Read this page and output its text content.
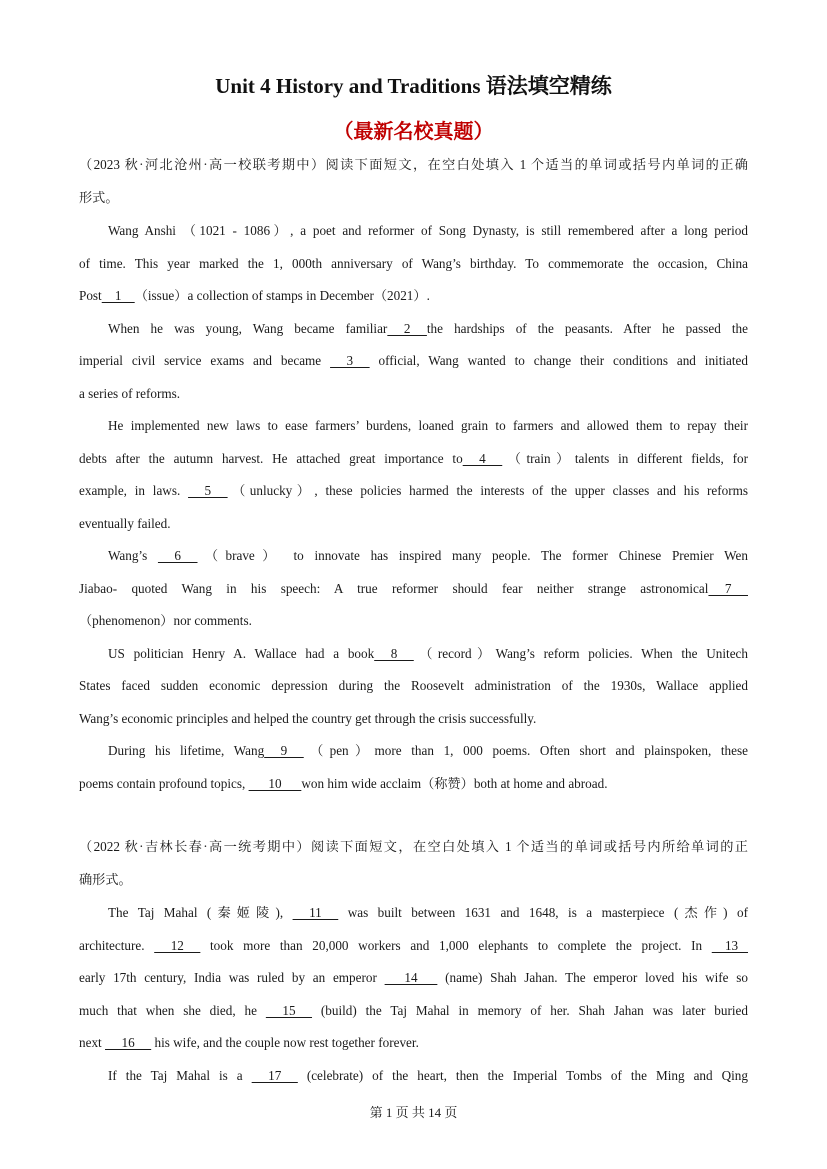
Unit 4 History and Traditions 语法填空精练
（最新名校真题）
（2023 秋·河北沧州·高一校联考期中）阅读下面短文，在空白处填入 1 个适当的单词或括号内单词的正确
形式。
Wang Anshi （1021 - 1086）, a poet and reformer of Song Dynasty, is still remembered after a long period
of time. This year marked the 1, 000th anniversary of Wang’s birthday. To commemorate the occasion, China
Post    1    （issue）a collection of stamps in December（2021）.
When he was young, Wang became familiar     2     the hardships of the peasants. After he passed the
imperial civil service exams and became      3      official, Wang wanted to change their conditions and initiated
a series of reforms.
He implemented new laws to ease farmers’ burdens, loaned grain to farmers and allowed them to repay their
debts after the autumn harvest. He attached great importance to     4     （train）talents in different fields, for
example, in laws.      5     （unlucky）, these policies harmed the interests of the upper classes and his reforms
eventually failed.
Wang’s      6     （brave） to innovate has inspired many people. The former Chinese Premier Wen
Jiabao- quoted Wang in his speech: A true reformer should fear neither strange astronomical     7
（phenomenon）nor comments.
US politician Henry A. Wallace had a book     8     （record）Wang’s reform policies. When the Unitech
States faced sudden economic depression during the Roosevelt administration of the 1930s, Wallace applied
Wang’s economic principles and helped the country get through the crisis successfully.
During his lifetime, Wang     9     （pen）more than 1, 000 poems. Often short and plainspoken, these
poems contain profound topics,       10      won him wide acclaim（称赞）both at home and abroad.
（2022 秋·吉林长春·高一统考期中）阅读下面短文，在空白处填入 1 个适当的单词或括号内所给单词的正
确形式。
The Taj Mahal (秦姬陵),      11      was built between 1631 and 1648, is a masterpiece (杰作) of
architecture.      12      took more than 20,000 workers and 1,000 elephants to complete the project. In     13
early 17th century, India was ruled by an emperor       14       (name) Shah Jahan. The emperor loved his wife so
much that when she died, he      15      (build) the Taj Mahal in memory of her. Shah Jahan was later buried
next      16      his wife, and the couple now rest together forever.
If the Taj Mahal is a      17      (celebrate) of the heart, then the Imperial Tombs of the Ming and Qing
第 1 页 共 14 页
